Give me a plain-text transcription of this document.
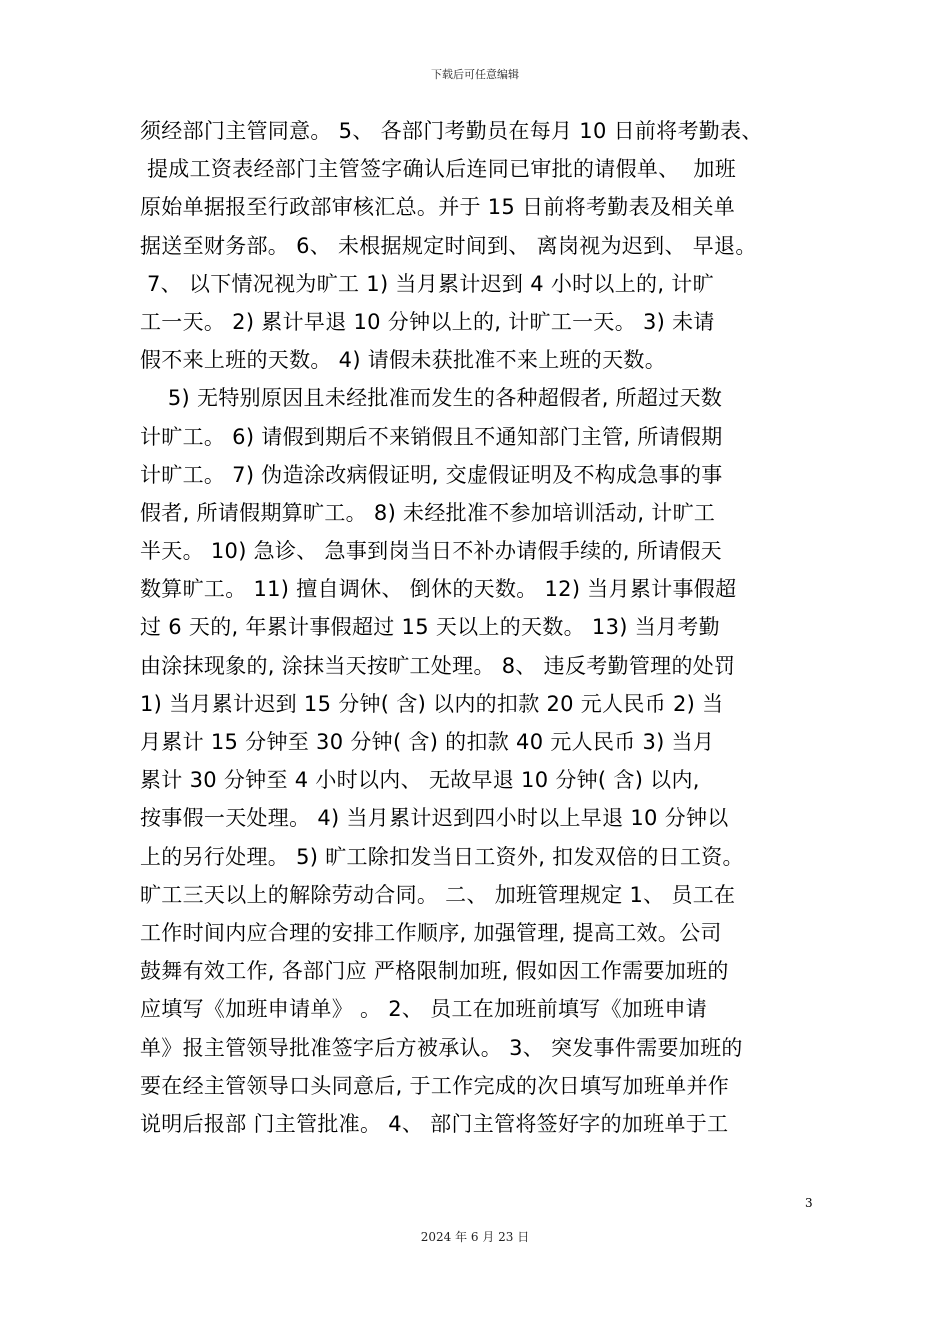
下载后可任意编辑
须经部门主管同意。 5、 各部门考勤员在每月 10 日前将考勤表、
提成工资表经部门主管签字确认后连同已审批的请假单、  加班
原始单据报至行政部审核汇总。并于 15 日前将考勤表及相关单
据送至财务部。 6、 未根据规定时间到、 离岗视为迟到、 早退。
7、 以下情况视为旷工 1) 当月累计迟到 4 小时以上的, 计旷
工一天。 2) 累计早退 10 分钟以上的, 计旷工一天。 3) 未请
假不来上班的天数。 4) 请假未获批准不来上班的天数。
5) 无特别原因且未经批准而发生的各种超假者, 所超过天数
计旷工。 6) 请假到期后不来销假且不通知部门主管, 所请假期
计旷工。 7) 伪造涂改病假证明, 交虚假证明及不构成急事的事
假者, 所请假期算旷工。 8) 未经批准不参加培训活动, 计旷工
半天。 10) 急诊、 急事到岗当日不补办请假手续的, 所请假天
数算旷工。 11) 擅自调休、 倒休的天数。 12) 当月累计事假超
过 6 天的, 年累计事假超过 15 天以上的天数。 13) 当月考勤
由涂抹现象的, 涂抹当天按旷工处理。 8、 违反考勤管理的处罚
1) 当月累计迟到 15 分钟( 含) 以内的扣款 20 元人民币 2) 当
月累计 15 分钟至 30 分钟( 含) 的扣款 40 元人民币 3) 当月
累计 30 分钟至 4 小时以内、 无故早退 10 分钟( 含) 以内,
按事假一天处理。 4) 当月累计迟到四小时以上早退 10 分钟以
上的另行处理。 5) 旷工除扣发当日工资外, 扣发双倍的日工资。
旷工三天以上的解除劳动合同。 二、 加班管理规定 1、 员工在
工作时间内应合理的安排工作顺序, 加强管理, 提高工效。公司
鼓舞有效工作, 各部门应 严格限制加班, 假如因工作需要加班的
应填写《加班申请单》 。 2、 员工在加班前填写《加班申请
单》报主管领导批准签字后方被承认。 3、 突发事件需要加班的
要在经主管领导口头同意后, 于工作完成的次日填写加班单并作
说明后报部 门主管批准。 4、 部门主管将签好字的加班单于工
3
2024 年 6 月 23 日
